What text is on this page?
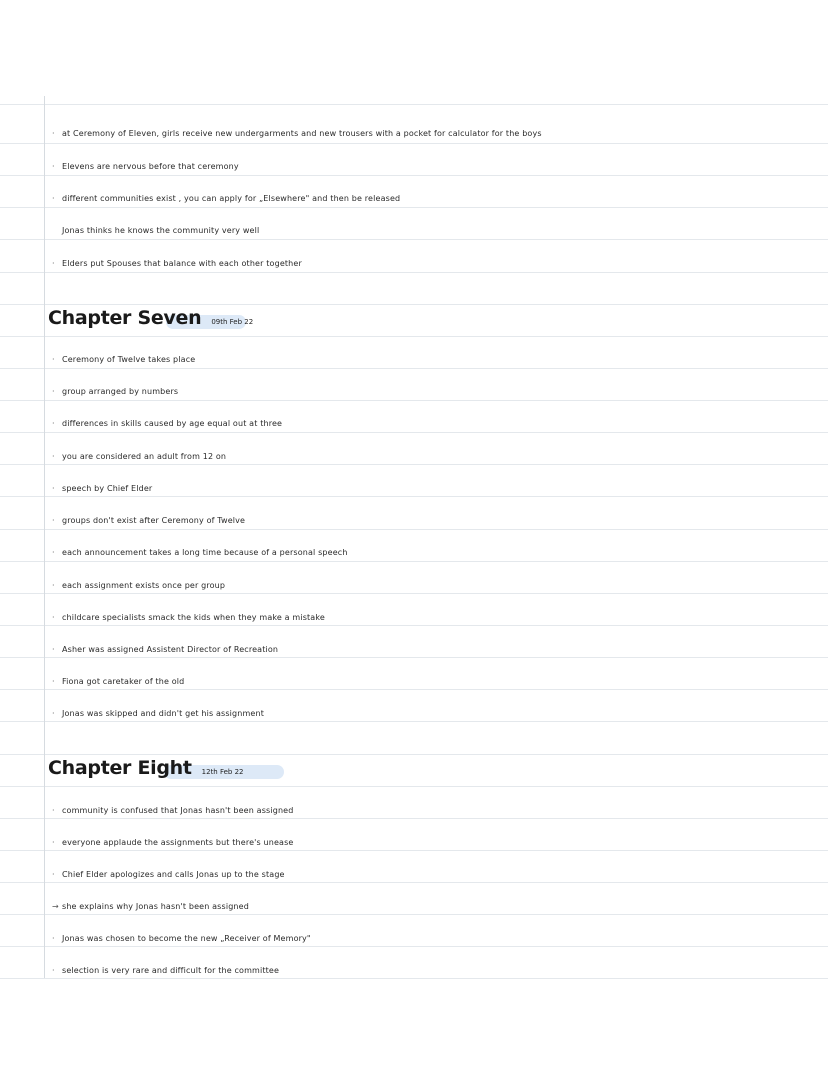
· at Ceremony of Eleven, girls receive new undergarments and new trousers with a pocket for calculator for the boys
· Elevens are nervous before that ceremony
· different communities exist , you can apply for „Elsewhere" and then be released
Jonas thinks he knows the community very well
· Elders put Spouses that balance with each other together
Chapter Seven 09th Feb 22
· Ceremony of Twelve takes place
· group arranged by numbers
· differences in skills caused by age equal out at three
· you are considered an adult from 12 on
· speech by Chief Elder
· groups don't exist after Ceremony of Twelve
· each announcement takes a long time because of a personal speech
· each assignment exists once per group
· childcare specialists smack the kids when they make a mistake
· Asher was assigned Assistent Director of Recreation
· Fiona got caretaker of the old
· Jonas was skipped and didn't get his assignment
Chapter Eight 12th Feb 22
· community is confused that Jonas hasn't been assigned
· everyone applaude the assignments but there's unease
· Chief Elder apologizes and calls Jonas up to the stage
→ she explains why Jonas hasn't been assigned
· Jonas was chosen to become the new „Receiver of Memory"
· selection is very rare and difficult for the committee
